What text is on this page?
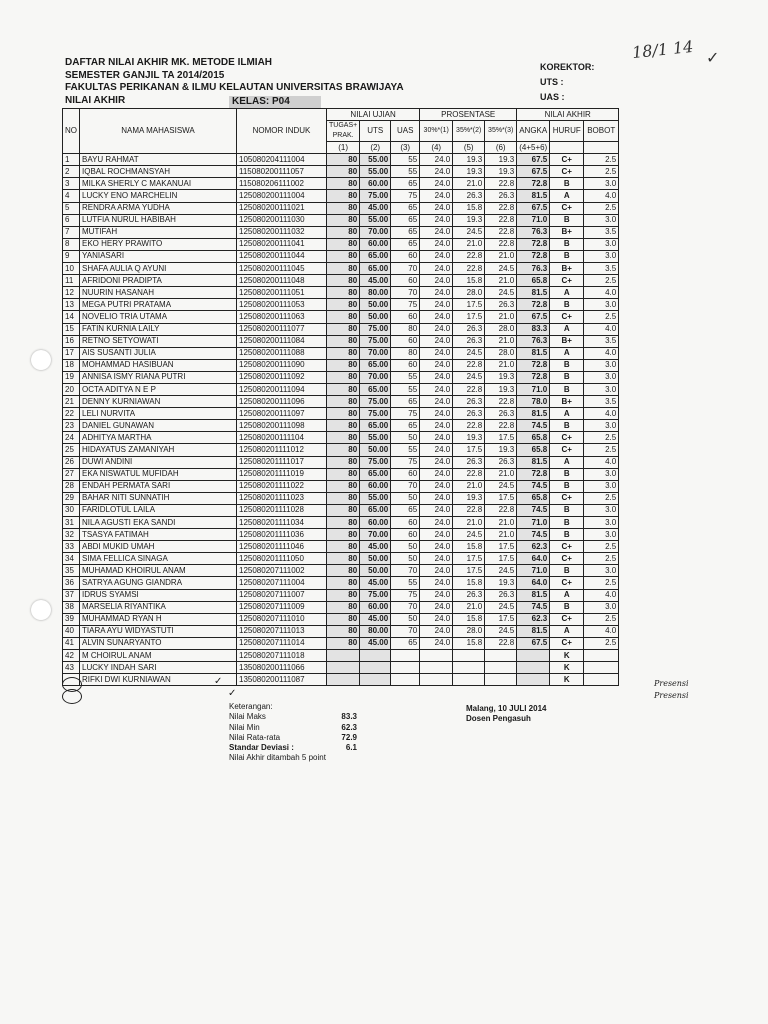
DAFTAR NILAI AKHIR MK. METODE ILMIAH
SEMESTER GANJIL TA 2014/2015
FAKULTAS PERIKANAN & ILMU KELAUTAN UNIVERSITAS BRAWIJAYA
NILAI AKHIR	KELAS: P04
KOREKTOR:
UTS :
UAS :
18/1 14 ✓
NO	NAMA MAHASISWA	NOMOR INDUK	NILAI UJIAN			PROSENTASE			NILAI AKHIR		
			TUGAS+ PRAK.	UTS	UAS	30%*(1)	35%*(2)	35%*(3)	ANGKA	HURUF	BOBOT
			(1)	(2)	(3)	(4)	(5)	(6)	(4+5+6)		
1	BAYU RAHMAT	105080204111004	80	55.00	55	24.0	19.3	19.3	67.5	C+	2.5
2	IQBAL ROCHMANSYAH	115080200111057	80	55.00	55	24.0	19.3	19.3	67.5	C+	2.5
3	MILKA SHERLY C MAKANUAI	115080206111002	80	60.00	65	24.0	21.0	22.8	72.8	B	3.0
4	LUCKY ENO MARCHELIN	125080200111004	80	75.00	75	24.0	26.3	26.3	81.5	A	4.0
5	RENDRA ARMA YUDHA	125080200111021	80	45.00	65	24.0	15.8	22.8	67.5	C+	2.5
6	LUTFIA NURUL HABIBAH	125080200111030	80	55.00	65	24.0	19.3	22.8	71.0	B	3.0
7	MUTIFAH	125080200111032	80	70.00	65	24.0	24.5	22.8	76.3	B+	3.5
8	EKO HERY PRAWITO	125080200111041	80	60.00	65	24.0	21.0	22.8	72.8	B	3.0
9	YANIASARI	125080200111044	80	65.00	60	24.0	22.8	21.0	72.8	B	3.0
10	SHAFA AULIA Q AYUNI	125080200111045	80	65.00	70	24.0	22.8	24.5	76.3	B+	3.5
11	AFRIDONI PRADIPTA	125080200111048	80	45.00	60	24.0	15.8	21.0	65.8	C+	2.5
12	NUURIN HASANAH	125080200111051	80	80.00	70	24.0	28.0	24.5	81.5	A	4.0
13	MEGA PUTRI PRATAMA	125080200111053	80	50.00	75	24.0	17.5	26.3	72.8	B	3.0
14	NOVELIO TRIA UTAMA	125080200111063	80	50.00	60	24.0	17.5	21.0	67.5	C+	2.5
15	FATIN KURNIA LAILY	125080200111077	80	75.00	80	24.0	26.3	28.0	83.3	A	4.0
16	RETNO SETYOWATI	125080200111084	80	75.00	60	24.0	26.3	21.0	76.3	B+	3.5
17	AIS SUSANTI JULIA	125080200111088	80	70.00	80	24.0	24.5	28.0	81.5	A	4.0
18	MOHAMMAD HASIBUAN	125080200111090	80	65.00	60	24.0	22.8	21.0	72.8	B	3.0
19	ANNISA ISMY RIANA PUTRI	125080200111092	80	70.00	55	24.0	24.5	19.3	72.8	B	3.0
20	OCTA ADITYA N E P	125080200111094	80	65.00	55	24.0	22.8	19.3	71.0	B	3.0
21	DENNY KURNIAWAN	125080200111096	80	75.00	65	24.0	26.3	22.8	78.0	B+	3.5
22	LELI NURVITA	125080200111097	80	75.00	75	24.0	26.3	26.3	81.5	A	4.0
23	DANIEL GUNAWAN	125080200111098	80	65.00	65	24.0	22.8	22.8	74.5	B	3.0
24	ADHITYA MARTHA	125080200111104	80	55.00	50	24.0	19.3	17.5	65.8	C+	2.5
25	HIDAYATUS ZAMANIYAH	125080201111012	80	50.00	55	24.0	17.5	19.3	65.8	C+	2.5
26	DUWI ANDINI	125080201111017	80	75.00	75	24.0	26.3	26.3	81.5	A	4.0
27	EKA NISWATUL MUFIDAH	125080201111019	80	65.00	60	24.0	22.8	21.0	72.8	B	3.0
28	ENDAH PERMATA SARI	125080201111022	80	60.00	70	24.0	21.0	24.5	74.5	B	3.0
29	BAHAR NITI SUNNATIH	125080201111023	80	55.00	50	24.0	19.3	17.5	65.8	C+	2.5
30	FARIDLOTUL LAILA	125080201111028	80	65.00	65	24.0	22.8	22.8	74.5	B	3.0
31	NILA AGUSTI EKA SANDI	125080201111034	80	60.00	60	24.0	21.0	21.0	71.0	B	3.0
32	TSASYA FATIMAH	125080201111036	80	70.00	60	24.0	24.5	21.0	74.5	B	3.0
33	ABDI MUKID UMAH	125080201111046	80	45.00	50	24.0	15.8	17.5	62.3	C+	2.5
34	SIMA FELLICA SINAGA	125080201111050	80	50.00	50	24.0	17.5	17.5	64.0	C+	2.5
35	MUHAMAD KHOIRUL ANAM	125080207111002	80	50.00	70	24.0	17.5	24.5	71.0	B	3.0
36	SATRYA AGUNG GIANDRA	125080207111004	80	45.00	55	24.0	15.8	19.3	64.0	C+	2.5
37	IDRUS SYAMSI	125080207111007	80	75.00	75	24.0	26.3	26.3	81.5	A	4.0
38	MARSELIA RIYANTIKA	125080207111009	80	60.00	70	24.0	21.0	24.5	74.5	B	3.0
39	MUHAMMAD RYAN H	125080207111010	80	45.00	50	24.0	15.8	17.5	62.3	C+	2.5
40	TIARA AYU WIDYASTUTI	125080207111013	80	80.00	70	24.0	28.0	24.5	81.5	A	4.0
41	ALVIN SUNARYANTO	125080207111014	80	45.00	65	24.0	15.8	22.8	67.5	C+	2.5
42	M CHOIRUL ANAM	125080207111018								K	
43	LUCKY INDAH SARI	135080200111066								K	
	RIFKI DWI KURNIAWAN	135080200111087								K	
Keterangan:
Nilai Maks	83.3
Nilai Min	62.3
Nilai Rata-rata	72.9
Standar Deviasi :	6.1
Nilai Akhir ditambah 5 point
Malang, 10 JULI 2014
Dosen Pengasuh
✓
✓
Presensi
Presensi
